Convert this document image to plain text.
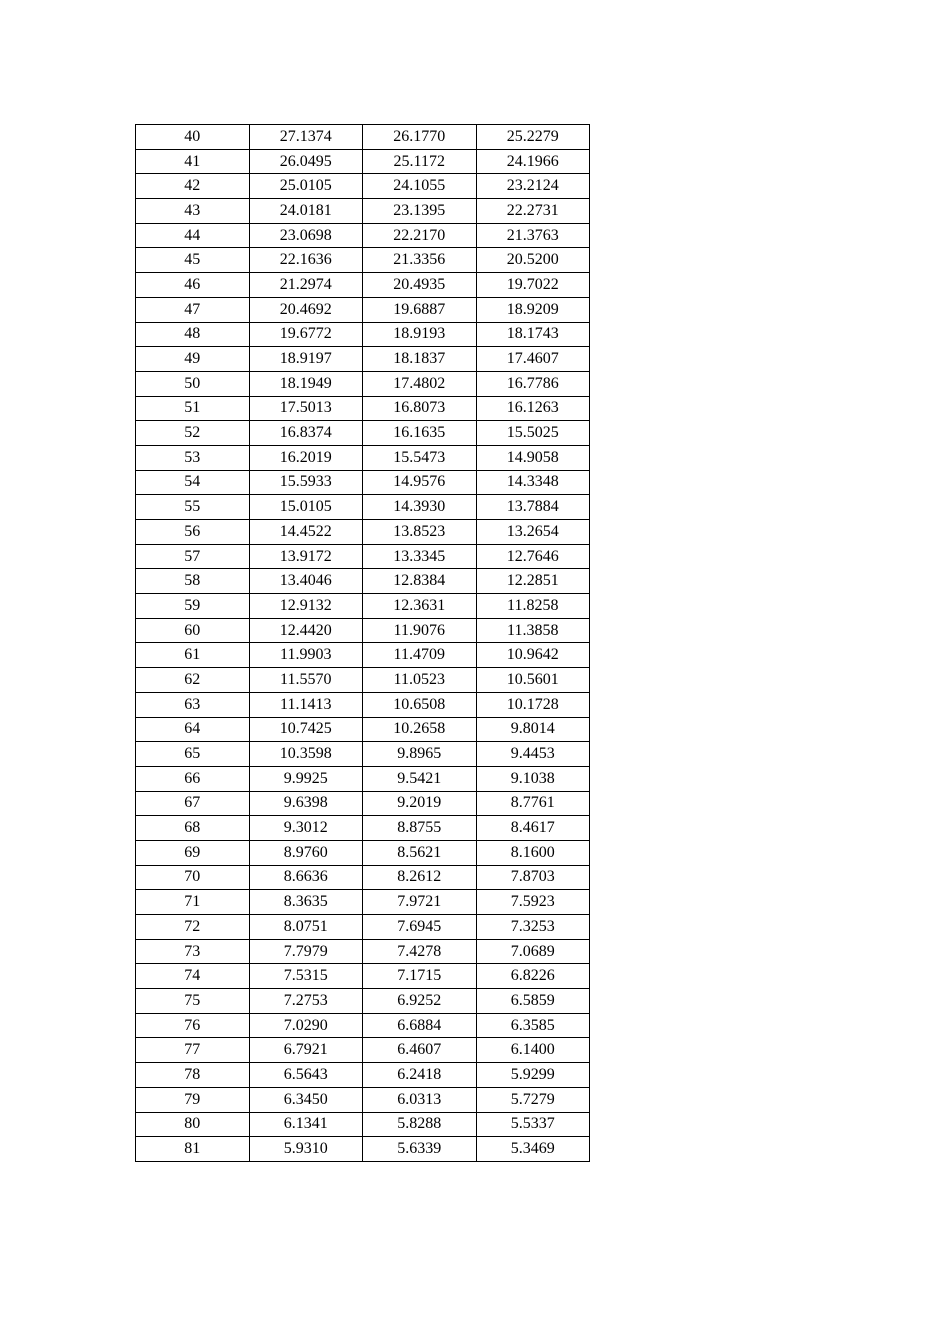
40	27.1374	26.1770	25.2279
41	26.0495	25.1172	24.1966
42	25.0105	24.1055	23.2124
43	24.0181	23.1395	22.2731
44	23.0698	22.2170	21.3763
45	22.1636	21.3356	20.5200
46	21.2974	20.4935	19.7022
47	20.4692	19.6887	18.9209
48	19.6772	18.9193	18.1743
49	18.9197	18.1837	17.4607
50	18.1949	17.4802	16.7786
51	17.5013	16.8073	16.1263
52	16.8374	16.1635	15.5025
53	16.2019	15.5473	14.9058
54	15.5933	14.9576	14.3348
55	15.0105	14.3930	13.7884
56	14.4522	13.8523	13.2654
57	13.9172	13.3345	12.7646
58	13.4046	12.8384	12.2851
59	12.9132	12.3631	11.8258
60	12.4420	11.9076	11.3858
61	11.9903	11.4709	10.9642
62	11.5570	11.0523	10.5601
63	11.1413	10.6508	10.1728
64	10.7425	10.2658	9.8014
65	10.3598	9.8965	9.4453
66	9.9925	9.5421	9.1038
67	9.6398	9.2019	8.7761
68	9.3012	8.8755	8.4617
69	8.9760	8.5621	8.1600
70	8.6636	8.2612	7.8703
71	8.3635	7.9721	7.5923
72	8.0751	7.6945	7.3253
73	7.7979	7.4278	7.0689
74	7.5315	7.1715	6.8226
75	7.2753	6.9252	6.5859
76	7.0290	6.6884	6.3585
77	6.7921	6.4607	6.1400
78	6.5643	6.2418	5.9299
79	6.3450	6.0313	5.7279
80	6.1341	5.8288	5.5337
81	5.9310	5.6339	5.3469
